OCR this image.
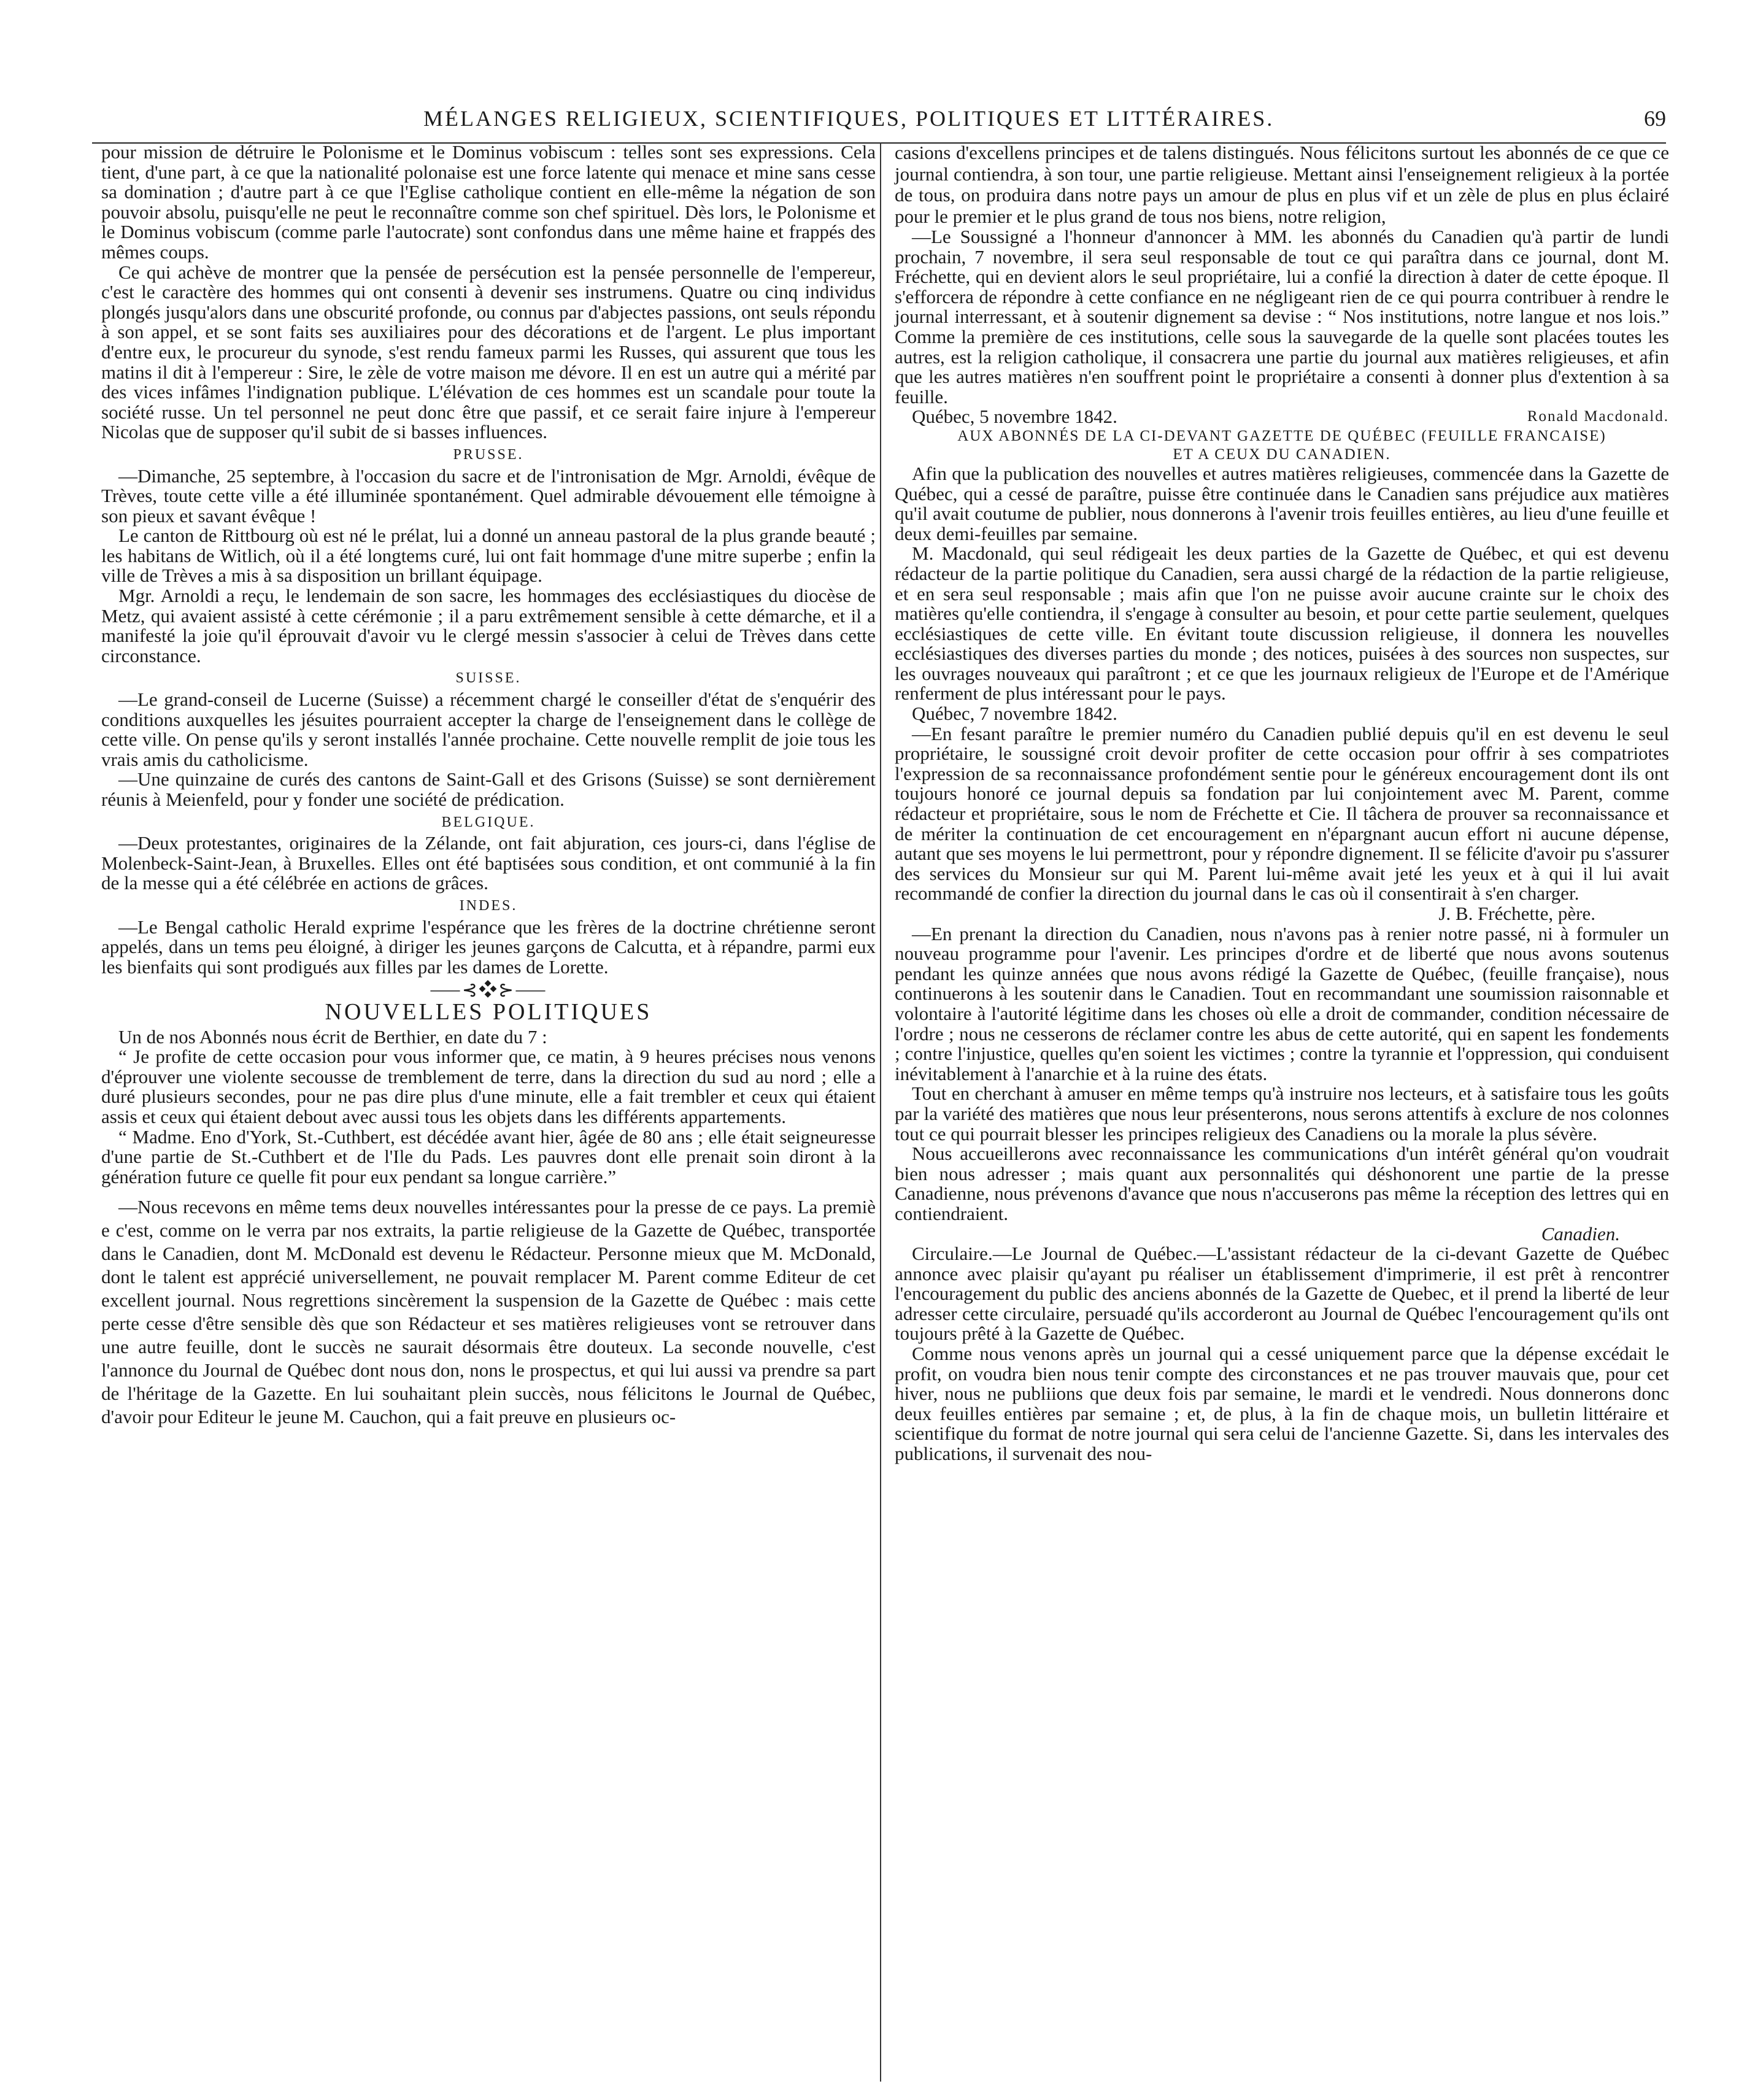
MÉLANGES RELIGIEUX, SCIENTIFIQUES, POLITIQUES ET LITTÉRAIRES.	69

pour mission de détruire le Polonisme et le Dominus vobiscum : telles sont ses expressions. Cela tient, d'une part, à ce que la nationalité polonaise est une force latente qui menace et mine sans cesse sa domination ; d'autre part à ce que l'Eglise catholique contient en elle-même la négation de son pouvoir absolu, puisqu'elle ne peut le reconnaître comme son chef spirituel. Dès lors, le Polonisme et le Dominus vobiscum (comme parle l'autocrate) sont confondus dans une même haine et frappés des mêmes coups.

Ce qui achève de montrer que la pensée de persécution est la pensée personnelle de l'empereur, c'est le caractère des hommes qui ont consenti à devenir ses instrumens. Quatre ou cinq individus plongés jusqu'alors dans une obscurité profonde, ou connus par d'abjectes passions, ont seuls répondu à son appel, et se sont faits ses auxiliaires pour des décorations et de l'argent. Le plus important d'entre eux, le procureur du synode, s'est rendu fameux parmi les Russes, qui assurent que tous les matins il dit à l'empereur : Sire, le zèle de votre maison me dévore. Il en est un autre qui a mérité par des vices infâmes l'indignation publique. L'élévation de ces hommes est un scandale pour toute la société russe. Un tel personnel ne peut donc être que passif, et ce serait faire injure à l'empereur Nicolas que de supposer qu'il subit de si basses influences.

PRUSSE.

—Dimanche, 25 septembre, à l'occasion du sacre et de l'intronisation de Mgr. Arnoldi, évêque de Trèves, toute cette ville a été illuminée spontanément. Quel admirable dévouement elle témoigne à son pieux et savant évêque !

Le canton de Rittbourg où est né le prélat, lui a donné un anneau pastoral de la plus grande beauté ; les habitans de Witlich, où il a été longtems curé, lui ont fait hommage d'une mitre superbe ; enfin la ville de Trèves a mis à sa disposition un brillant équipage.

Mgr. Arnoldi a reçu, le lendemain de son sacre, les hommages des ecclésiastiques du diocèse de Metz, qui avaient assisté à cette cérémonie ; il a paru extrêmement sensible à cette démarche, et il a manifesté la joie qu'il éprouvait d'avoir vu le clergé messin s'associer à celui de Trèves dans cette circonstance.

SUISSE.

—Le grand-conseil de Lucerne (Suisse) a récemment chargé le conseiller d'état de s'enquérir des conditions auxquelles les jésuites pourraient accepter la charge de l'enseignement dans le collège de cette ville. On pense qu'ils y seront installés l'année prochaine. Cette nouvelle remplit de joie tous les vrais amis du catholicisme.

—Une quinzaine de curés des cantons de Saint-Gall et des Grisons (Suisse) se sont dernièrement réunis à Meienfeld, pour y fonder une société de prédication.

BELGIQUE.

—Deux protestantes, originaires de la Zélande, ont fait abjuration, ces jours-ci, dans l'église de Molenbeck-Saint-Jean, à Bruxelles. Elles ont été baptisées sous condition, et ont communié à la fin de la messe qui a été célébrée en actions de grâces.

INDES.

—Le Bengal catholic Herald exprime l'espérance que les frères de la doctrine chrétienne seront appelés, dans un tems peu éloigné, à diriger les jeunes garçons de Calcutta, et à répandre, parmi eux les bienfaits qui sont prodigués aux filles par les dames de Lorette.

⸺⊰❖⊱⸺
NOUVELLES POLITIQUES

Un de nos Abonnés nous écrit de Berthier, en date du 7 :

“ Je profite de cette occasion pour vous informer que, ce matin, à 9 heures précises nous venons d'éprouver une violente secousse de tremblement de terre, dans la direction du sud au nord ; elle a duré plusieurs secondes, pour ne pas dire plus d'une minute, elle a fait trembler et ceux qui étaient assis et ceux qui étaient debout avec aussi tous les objets dans les différents appartements.

“ Madme. Eno d'York, St.-Cuthbert, est décédée avant hier, âgée de 80 ans ; elle était seigneuresse d'une partie de St.-Cuthbert et de l'Ile du Pads. Les pauvres dont elle prenait soin diront à la génération future ce quelle fit pour eux pendant sa longue carrière.”

—Nous recevons en même tems deux nouvelles intéressantes pour la presse de ce pays. La premiè e c'est, comme on le verra par nos extraits, la partie religieuse de la Gazette de Québec, transportée dans le Canadien, dont M. McDonald est devenu le Rédacteur. Personne mieux que M. McDonald, dont le talent est apprécié universellement, ne pouvait remplacer M. Parent comme Editeur de cet excellent journal. Nous regrettions sincèrement la suspension de la Gazette de Québec : mais cette perte cesse d'être sensible dès que son Rédacteur et ses matières religieuses vont se retrouver dans une autre feuille, dont le succès ne saurait désormais être douteux. La seconde nouvelle, c'est l'annonce du Journal de Québec dont nous don, nons le prospectus, et qui lui aussi va prendre sa part de l'héritage de la Gazette. En lui souhaitant plein succès, nous félicitons le Journal de Québec, d'avoir pour Editeur le jeune M. Cauchon, qui a fait preuve en plusieurs oc-

casions d'excellens principes et de talens distingués. Nous félicitons surtout les abonnés de ce que ce journal contiendra, à son tour, une partie religieuse. Mettant ainsi l'enseignement religieux à la portée de tous, on produira dans notre pays un amour de plus en plus vif et un zèle de plus en plus éclairé pour le premier et le plus grand de tous nos biens, notre religion,

—Le Soussigné a l'honneur d'annoncer à MM. les abonnés du Canadien qu'à partir de lundi prochain, 7 novembre, il sera seul responsable de tout ce qui paraîtra dans ce journal, dont M. Fréchette, qui en devient alors le seul propriétaire, lui a confié la direction à dater de cette époque. Il s'efforcera de répondre à cette confiance en ne négligeant rien de ce qui pourra contribuer à rendre le journal interressant, et à soutenir dignement sa devise : “ Nos institutions, notre langue et nos lois.” Comme la première de ces institutions, celle sous la sauvegarde de la quelle sont placées toutes les autres, est la religion catholique, il consacrera une partie du journal aux matières religieuses, et afin que les autres matières n'en souffrent point le propriétaire a consenti à donner plus d'extention à sa feuille.

Québec, 5 novembre 1842.	Ronald Macdonald.
AUX ABONNÉS DE LA CI-DEVANT GAZETTE DE QUÉBEC (FEUILLE FRANCAISE)
ET A CEUX DU CANADIEN.

Afin que la publication des nouvelles et autres matières religieuses, commencée dans la Gazette de Québec, qui a cessé de paraître, puisse être continuée dans le Canadien sans préjudice aux matières qu'il avait coutume de publier, nous donnerons à l'avenir trois feuilles entières, au lieu d'une feuille et deux demi-feuilles par semaine.

M. Macdonald, qui seul rédigeait les deux parties de la Gazette de Québec, et qui est devenu rédacteur de la partie politique du Canadien, sera aussi chargé de la rédaction de la partie religieuse, et en sera seul responsable ; mais afin que l'on ne puisse avoir aucune crainte sur le choix des matières qu'elle contiendra, il s'engage à consulter au besoin, et pour cette partie seulement, quelques ecclésiastiques de cette ville. En évitant toute discussion religieuse, il donnera les nouvelles ecclésiastiques des diverses parties du monde ; des notices, puisées à des sources non suspectes, sur les ouvrages nouveaux qui paraîtront ; et ce que les journaux religieux de l'Europe et de l'Amérique renferment de plus intéressant pour le pays.

Québec, 7 novembre 1842.

—En fesant paraître le premier numéro du Canadien publié depuis qu'il en est devenu le seul propriétaire, le soussigné croit devoir profiter de cette occasion pour offrir à ses compatriotes l'expression de sa reconnaissance profondément sentie pour le généreux encouragement dont ils ont toujours honoré ce journal depuis sa fondation par lui conjointement avec M. Parent, comme rédacteur et propriétaire, sous le nom de Fréchette et Cie. Il tâchera de prouver sa reconnaissance et de mériter la continuation de cet encouragement en n'épargnant aucun effort ni aucune dépense, autant que ses moyens le lui permettront, pour y répondre dignement. Il se félicite d'avoir pu s'assurer des services du Monsieur sur qui M. Parent lui-même avait jeté les yeux et à qui il lui avait recommandé de confier la direction du journal dans le cas où il consentirait à s'en charger.

J. B. Fréchette, père.

—En prenant la direction du Canadien, nous n'avons pas à renier notre passé, ni à formuler un nouveau programme pour l'avenir. Les principes d'ordre et de liberté que nous avons soutenus pendant les quinze années que nous avons rédigé la Gazette de Québec, (feuille française), nous continuerons à les soutenir dans le Canadien. Tout en recommandant une soumission raisonnable et volontaire à l'autorité légitime dans les choses où elle a droit de commander, condition nécessaire de l'ordre ; nous ne cesserons de réclamer contre les abus de cette autorité, qui en sapent les fondements ; contre l'injustice, quelles qu'en soient les victimes ; contre la tyrannie et l'oppression, qui conduisent inévitablement à l'anarchie et à la ruine des états.

Tout en cherchant à amuser en même temps qu'à instruire nos lecteurs, et à satisfaire tous les goûts par la variété des matières que nous leur présenterons, nous serons attentifs à exclure de nos colonnes tout ce qui pourrait blesser les principes religieux des Canadiens ou la morale la plus sévère.

Nous accueillerons avec reconnaissance les communications d'un intérêt général qu'on voudrait bien nous adresser ; mais quant aux personnalités qui déshonorent une partie de la presse Canadienne, nous prévenons d'avance que nous n'accuserons pas même la réception des lettres qui en contiendraient.

Canadien.

Circulaire.—Le Journal de Québec.—L'assistant rédacteur de la ci-devant Gazette de Québec annonce avec plaisir qu'ayant pu réaliser un établissement d'imprimerie, il est prêt à rencontrer l'encouragement du public des anciens abonnés de la Gazette de Quebec, et il prend la liberté de leur adresser cette circulaire, persuadé qu'ils accorderont au Journal de Québec l'encouragement qu'ils ont toujours prêté à la Gazette de Québec.

Comme nous venons après un journal qui a cessé uniquement parce que la dépense excédait le profit, on voudra bien nous tenir compte des circonstances et ne pas trouver mauvais que, pour cet hiver, nous ne publiions que deux fois par semaine, le mardi et le vendredi. Nous donnerons donc deux feuilles entières par semaine ; et, de plus, à la fin de chaque mois, un bulletin littéraire et scientifique du format de notre journal qui sera celui de l'ancienne Gazette. Si, dans les intervales des publications, il survenait des nou-
